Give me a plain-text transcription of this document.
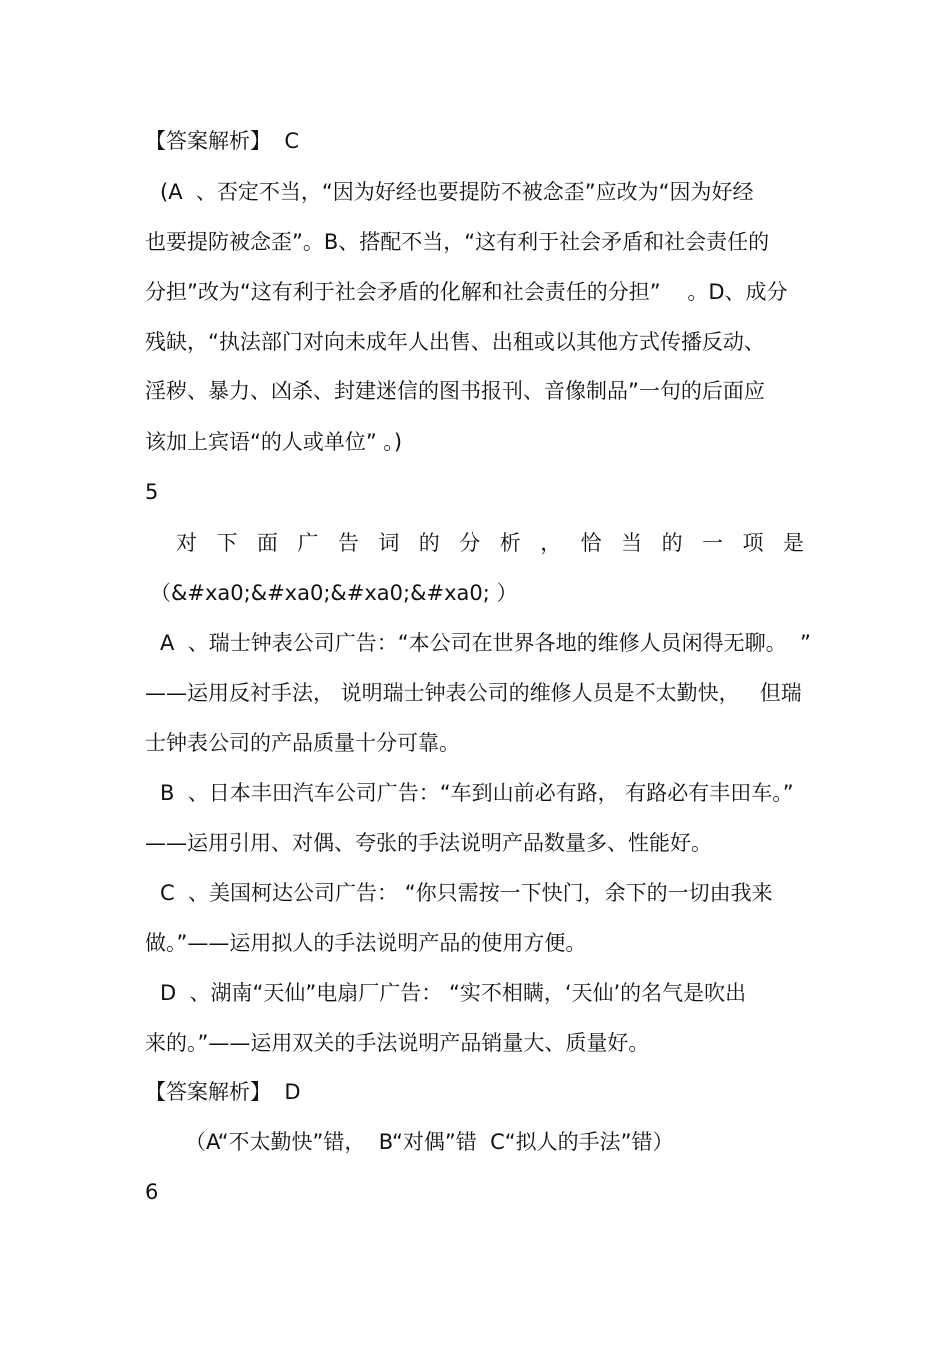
【答案解析】  C

(A  、否定不当，“因为好经也要提防不被念歪”应改为“因为好经

也要提防被念歪”。B、搭配不当，“这有利于社会矛盾和社会责任的

分担”改为“这有利于社会矛盾的化解和社会责任的分担”    。D、成分

残缺，“执法部门对向未成年人出售、出租或以其他方式传播反动、

淫秽、暴力、凶杀、封建迷信的图书报刊、音像制品”一句的后面应

该加上宾语“的人或单位” 。)

5

对下面广告词的分析，恰当的一项是

（&#xa0;&#xa0;&#xa0;&#xa0; ）

A  、瑞士钟表公司广告：“本公司在世界各地的维修人员闲得无聊。  ”

——运用反衬手法， 说明瑞士钟表公司的维修人员是不太勤快，   但瑞

士钟表公司的产品质量十分可靠。

B  、日本丰田汽车公司广告：“车到山前必有路， 有路必有丰田车。”

——运用引用、对偶、夸张的手法说明产品数量多、性能好。

C  、美国柯达公司广告： “你只需按一下快门，余下的一切由我来

做。”——运用拟人的手法说明产品的使用方便。

D  、湖南“天仙”电扇厂广告： “实不相瞒，‘天仙’的名气是吹出

来的。”——运用双关的手法说明产品销量大、质量好。

【答案解析】  D

（A“不太勤快”错，  B“对偶”错  C“拟人的手法”错）

6
